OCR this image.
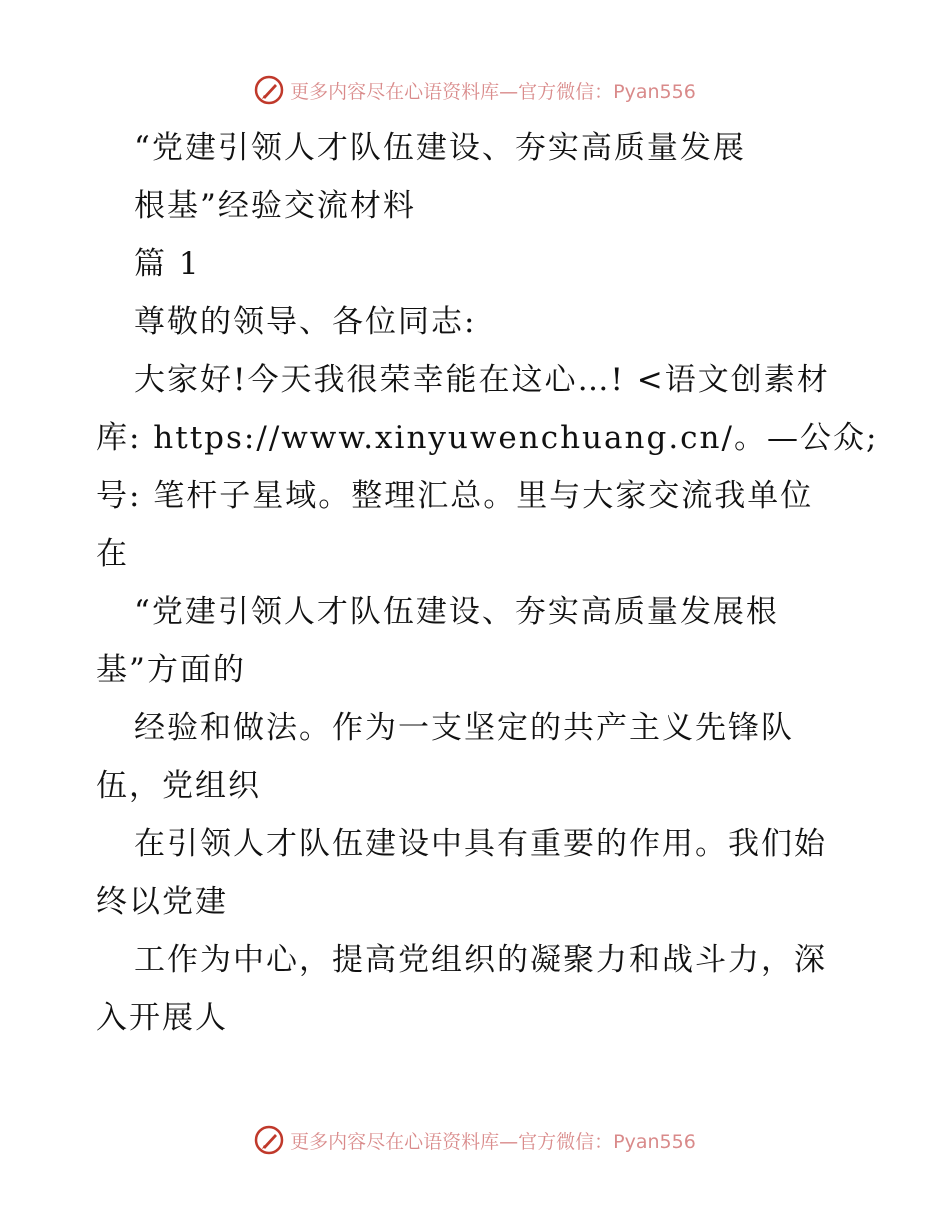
更多内容尽在心语资料库—官方微信：Pyan556
“党建引领人才队伍建设、夯实高质量发展
根基”经验交流材料
篇 1
尊敬的领导、各位同志:
大家好!今天我很荣幸能在这心…! <语文创素材
库: https://www.xinyuwenchuang.cn/。—公众;
号: 笔杆子星域。整理汇总。里与大家交流我单位
在
“党建引领人才队伍建设、夯实高质量发展根
基”方面的
经验和做法。作为一支坚定的共产主义先锋队
伍，党组织
在引领人才队伍建设中具有重要的作用。我们始
终以党建
工作为中心，提高党组织的凝聚力和战斗力，深
入开展人
更多内容尽在心语资料库—官方微信：Pyan556
